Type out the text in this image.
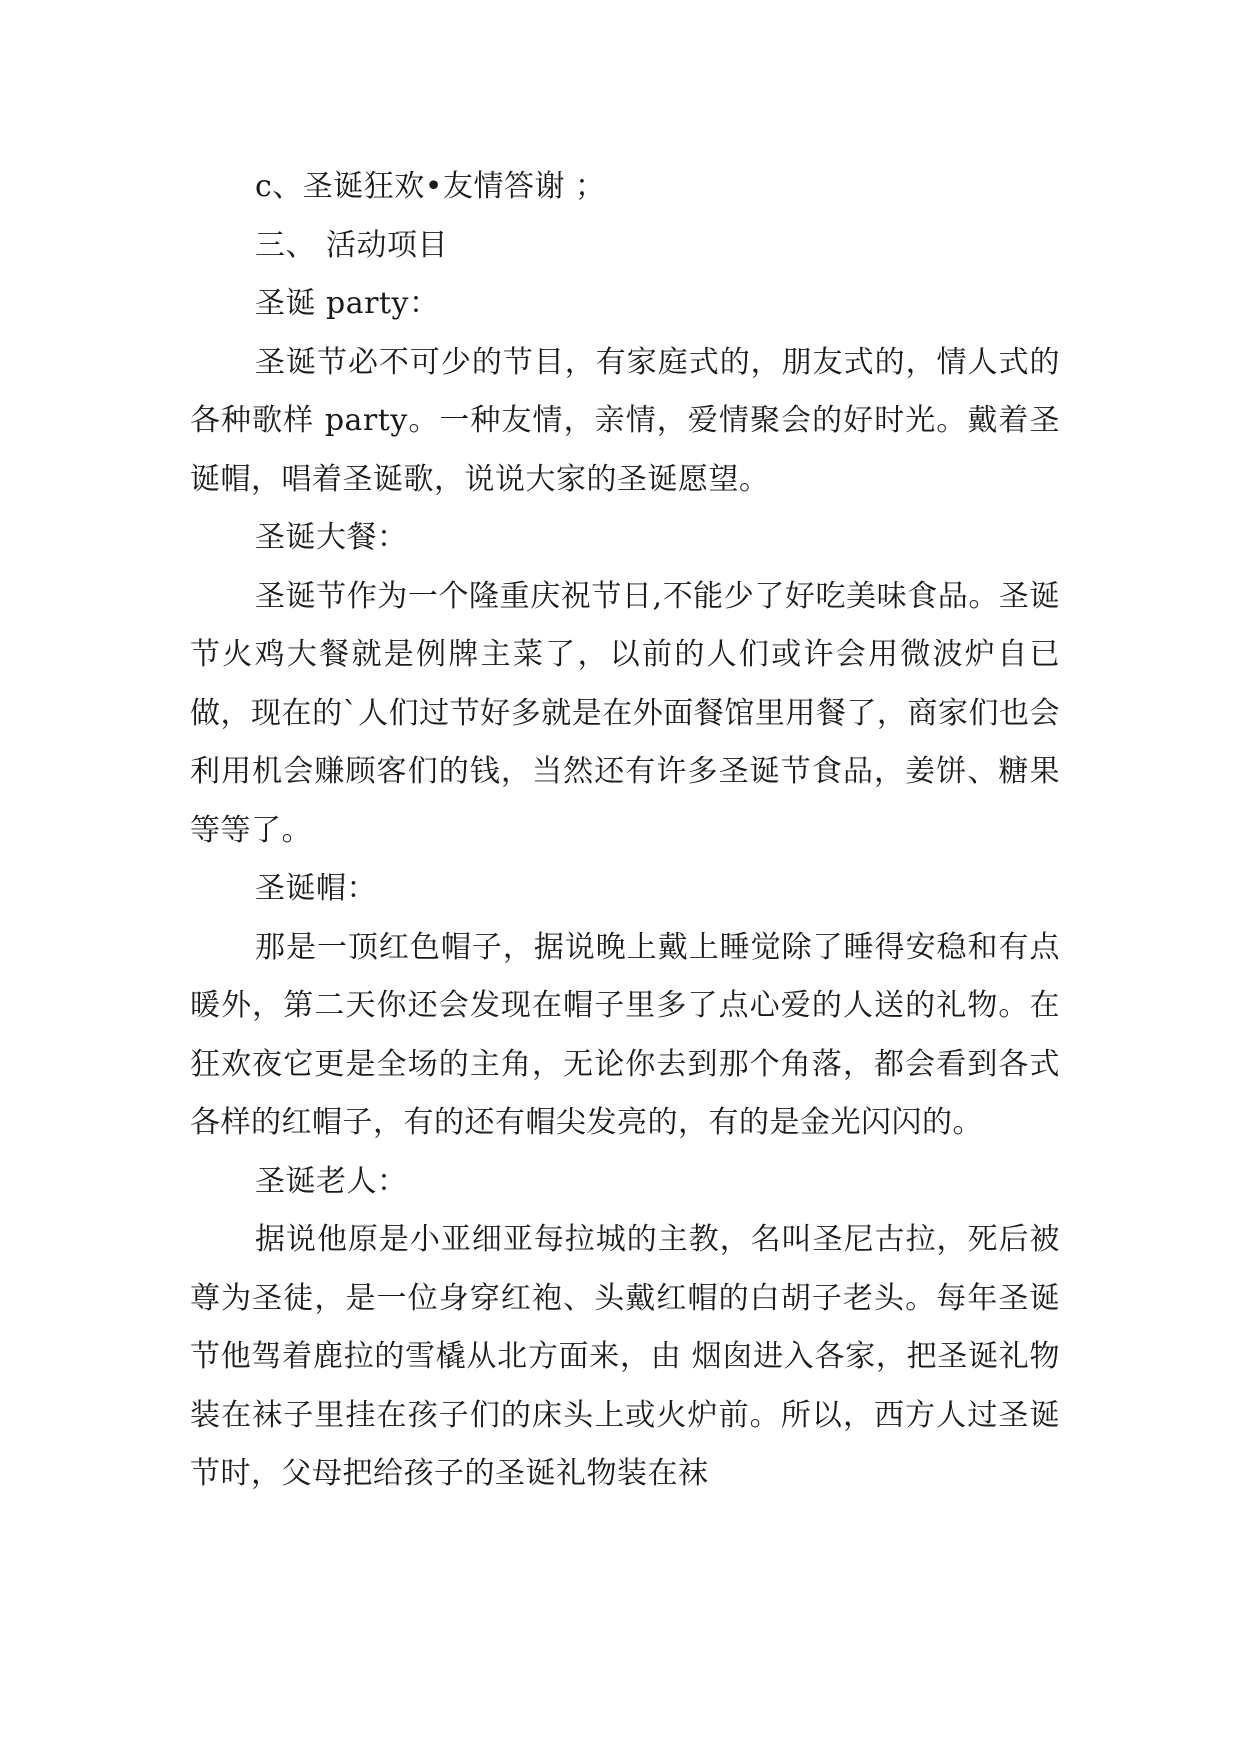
c、圣诞狂欢•友情答谢 ；

三、 活动项目

圣诞 party：

圣诞节必不可少的节目，有家庭式的，朋友式的，情人式的各种歌样 party。一种友情，亲情，爱情聚会的好时光。戴着圣诞帽，唱着圣诞歌，说说大家的圣诞愿望。

圣诞大餐：

圣诞节作为一个隆重庆祝节日,不能少了好吃美味食品。圣诞节火鸡大餐就是例牌主菜了，以前的人们或许会用微波炉自已做，现在的`人们过节好多就是在外面餐馆里用餐了，商家们也会利用机会赚顾客们的钱，当然还有许多圣诞节食品，姜饼、糖果等等了。

圣诞帽：

那是一顶红色帽子，据说晚上戴上睡觉除了睡得安稳和有点暖外，第二天你还会发现在帽子里多了点心爱的人送的礼物。在狂欢夜它更是全场的主角，无论你去到那个角落，都会看到各式各样的红帽子，有的还有帽尖发亮的，有的是金光闪闪的。

圣诞老人：

据说他原是小亚细亚每拉城的主教，名叫圣尼古拉，死后被尊为圣徒，是一位身穿红袍、头戴红帽的白胡子老头。每年圣诞节他驾着鹿拉的雪橇从北方面来，由 烟囱进入各家，把圣诞礼物装在袜子里挂在孩子们的床头上或火炉前。所以，西方人过圣诞节时，父母把给孩子的圣诞礼物装在袜
